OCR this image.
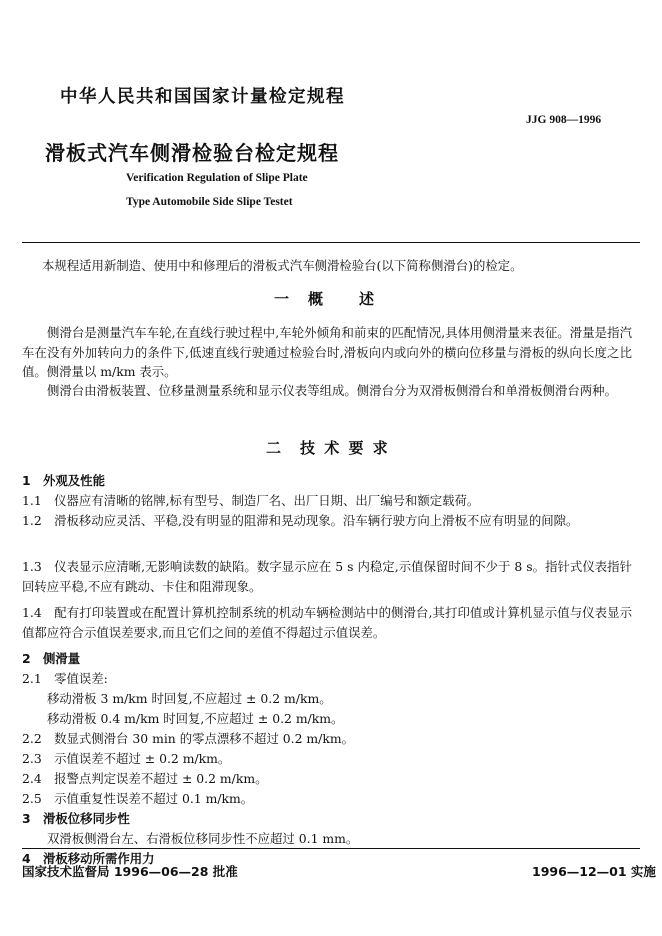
中华人民共和国国家计量检定规程
JJG 908—1996
滑板式汽车侧滑检验台检定规程
Verification Regulation of Slipe Plate
Type Automobile Side Slipe Testet
本规程适用新制造、使用中和修理后的滑板式汽车侧滑检验台(以下简称侧滑台)的检定。
一　概　　述
侧滑台是测量汽车车轮,在直线行驶过程中,车轮外倾角和前束的匹配情况,具体用侧滑量来表征。滑量是指汽车在没有外加转向力的条件下,低速直线行驶通过检验台时,滑板向内或向外的横向位移量与滑板的纵向长度之比值。侧滑量以 m/km 表示。
侧滑台由滑板装置、位移量测量系统和显示仪表等组成。侧滑台分为双滑板侧滑台和单滑板侧滑台两种。
二　技 术 要 求
1　外观及性能
1.1　仪器应有清晰的铭牌,标有型号、制造厂名、出厂日期、出厂编号和额定载荷。
1.2　滑板移动应灵活、平稳,没有明显的阻滞和晃动现象。沿车辆行驶方向上滑板不应有明显的间隙。
1.3　仪表显示应清晰,无影响读数的缺陷。数字显示应在 5 s 内稳定,示值保留时间不少于 8 s。指针式仪表指针回转应平稳,不应有跳动、卡住和阻滞现象。
1.4　配有打印装置或在配置计算机控制系统的机动车辆检测站中的侧滑台,其打印值或计算机显示值与仪表显示值都应符合示值误差要求,而且它们之间的差值不得超过示值误差。
2　侧滑量
2.1　零值误差:
移动滑板 3 m/km 时回复,不应超过 ± 0.2 m/km。
移动滑板 0.4 m/km 时回复,不应超过 ± 0.2 m/km。
2.2　数显式侧滑台 30 min 的零点漂移不超过 0.2 m/km。
2.3　示值误差不超过 ± 0.2 m/km。
2.4　报警点判定误差不超过 ± 0.2 m/km。
2.5　示值重复性误差不超过 0.1 m/km。
3　滑板位移同步性
双滑板侧滑台左、右滑板位移同步性不应超过 0.1 mm。
4　滑板移动所需作用力
国家技术监督局 1996—06—28 批准	1996—12—01 实施
